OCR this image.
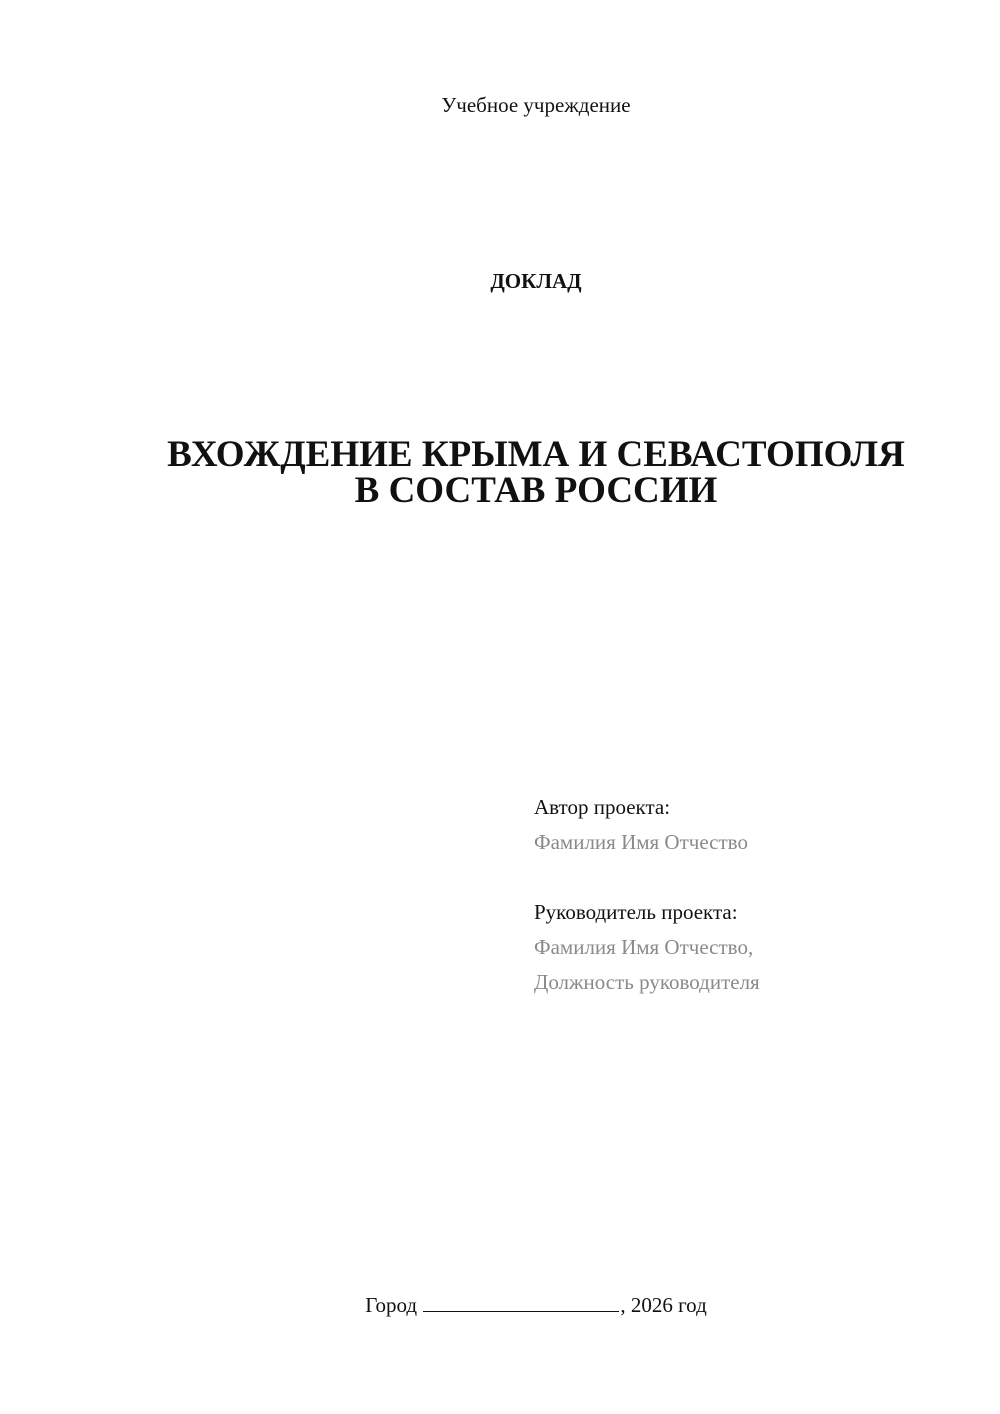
Учебное учреждение
ДОКЛАД
ВХОЖДЕНИЕ КРЫМА И СЕВАСТОПОЛЯ
В СОСТАВ РОССИИ
Автор проекта:
Фамилия Имя Отчество
Руководитель проекта:
Фамилия Имя Отчество,
Должность руководителя
Город	, 2026 год
